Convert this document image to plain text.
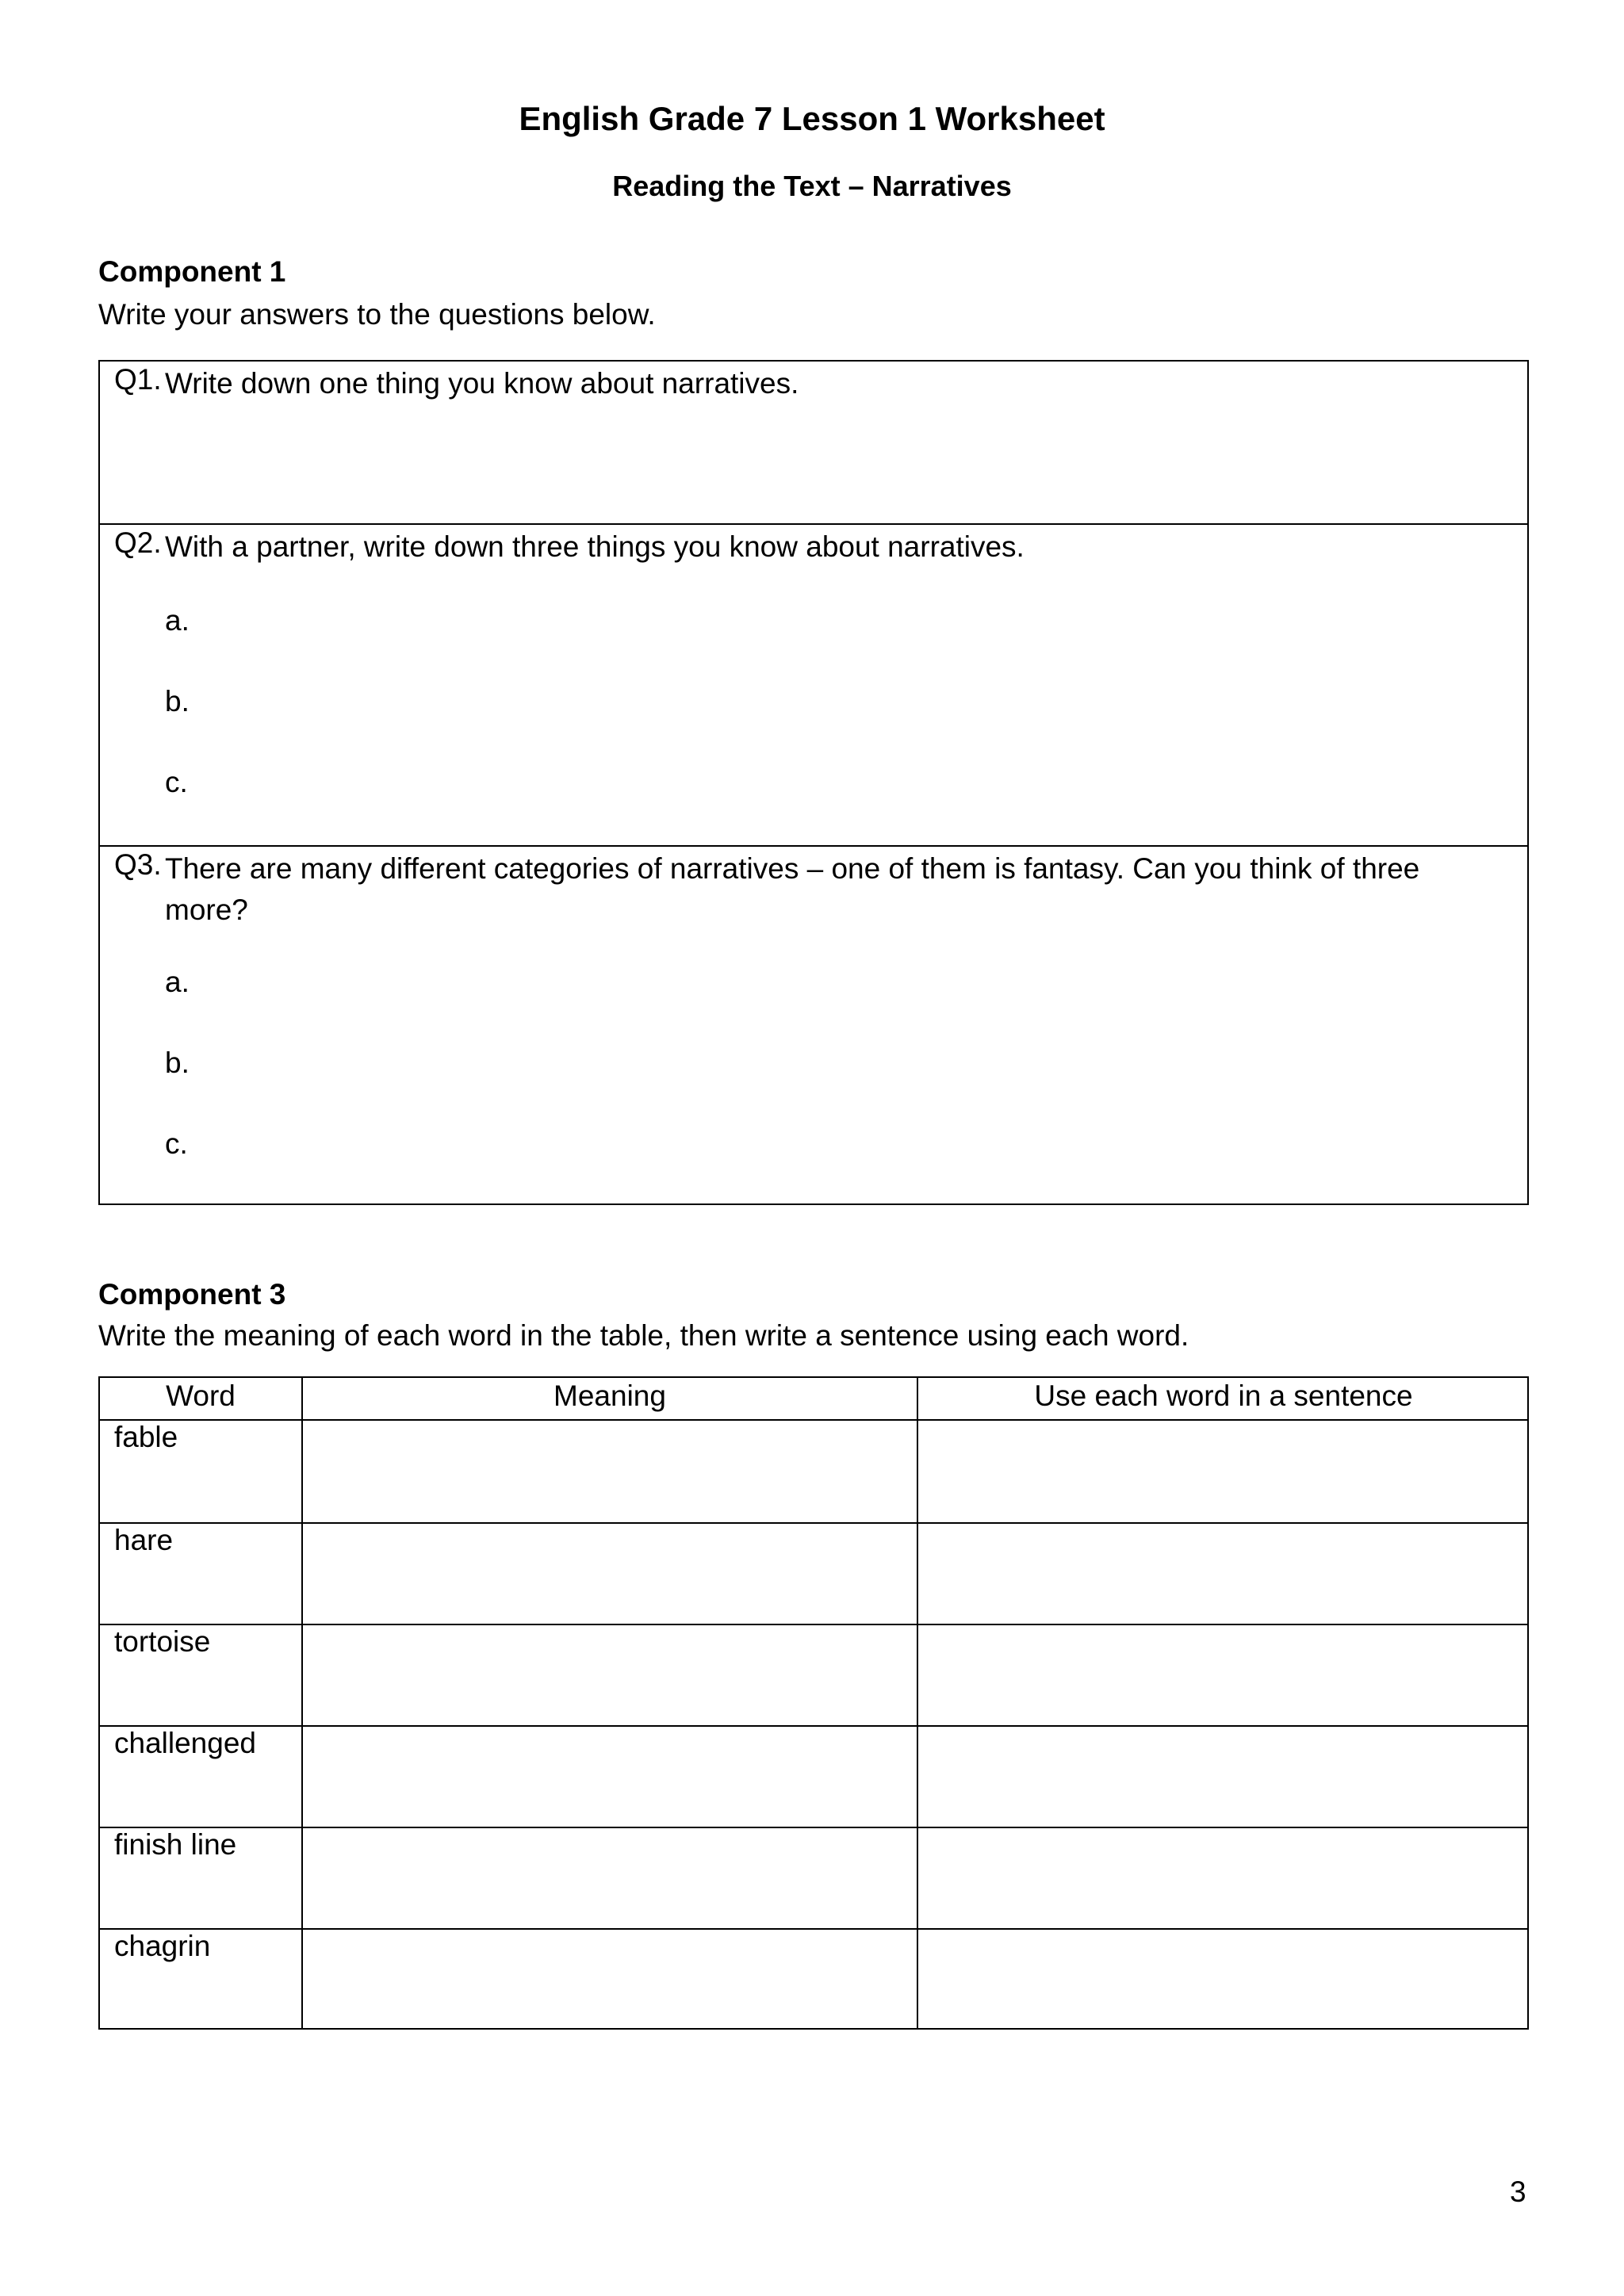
English Grade 7 Lesson 1 Worksheet
Reading the Text – Narratives
Component 1
Write your answers to the questions below.
Q1. Write down one thing you know about narratives.
Q2. With a partner, write down three things you know about narratives.
a.
b.
c.
Q3. There are many different categories of narratives – one of them is fantasy. Can you think of three more?
a.
b.
c.
Component 3
Write the meaning of each word in the table, then write a sentence using each word.
Word	Meaning	Use each word in a sentence
fable
hare
tortoise
challenged
finish line
chagrin
3
